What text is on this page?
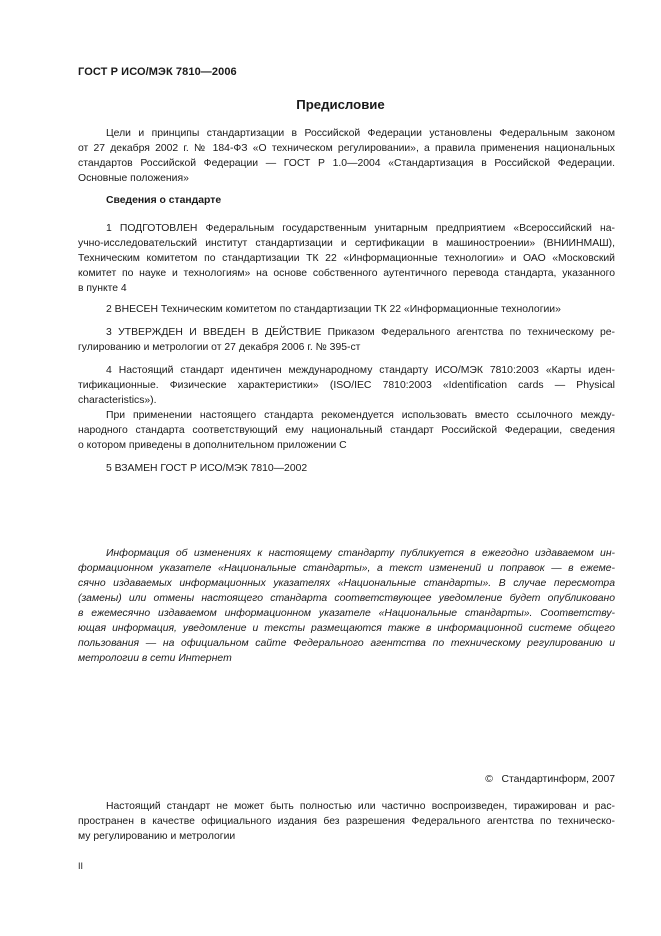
ГОСТ Р ИСО/МЭК 7810—2006
Предисловие
Цели и принципы стандартизации в Российской Федерации установлены Федеральным законом
от 27 декабря 2002 г. № 184-ФЗ «О техническом регулировании», а правила применения национальных
стандартов Российской Федерации — ГОСТ Р 1.0—2004 «Стандартизация в Российской Федерации.
Основные положения»
Сведения о стандарте
1 ПОДГОТОВЛЕН Федеральным государственным унитарным предприятием «Всероссийский на-
учно-исследовательский институт стандартизации и сертификации в машиностроении» (ВНИИНМАШ),
Техническим комитетом по стандартизации ТК 22 «Информационные технологии» и ОАО «Московский
комитет по науке и технологиям» на основе собственного аутентичного перевода стандарта, указанного
в пункте 4
2 ВНЕСЕН Техническим комитетом по стандартизации ТК 22 «Информационные технологии»
3 УТВЕРЖДЕН И ВВЕДЕН В ДЕЙСТВИЕ Приказом Федерального агентства по техническому ре-
гулированию и метрологии от 27 декабря 2006 г. № 395-ст
4 Настоящий стандарт идентичен международному стандарту ИСО/МЭК 7810:2003 «Карты иден-
тификационные. Физические характеристики» (ISO/IEC 7810:2003 «Identification cards — Physical
characteristics»).
При применении настоящего стандарта рекомендуется использовать вместо ссылочного между-
народного стандарта соответствующий ему национальный стандарт Российской Федерации, сведения
о котором приведены в дополнительном приложении С
5 ВЗАМЕН ГОСТ Р ИСО/МЭК 7810—2002
Информация об изменениях к настоящему стандарту публикуется в ежегодно издаваемом ин-
формационном указателе «Национальные стандарты», а текст изменений и поправок — в ежеме-
сячно издаваемых информационных указателях «Национальные стандарты». В случае пересмотра
(замены) или отмены настоящего стандарта соответствующее уведомление будет опубликовано
в ежемесячно издаваемом информационном указателе «Национальные стандарты». Соответству-
ющая информация, уведомление и тексты размещаются также в информационной системе общего
пользования — на официальном сайте Федерального агентства по техническому регулированию и
метрологии в сети Интернет
©   Стандартинформ, 2007
Настоящий стандарт не может быть полностью или частично воспроизведен, тиражирован и рас-
пространен в качестве официального издания без разрешения Федерального агентства по техническо-
му регулированию и метрологии
II
